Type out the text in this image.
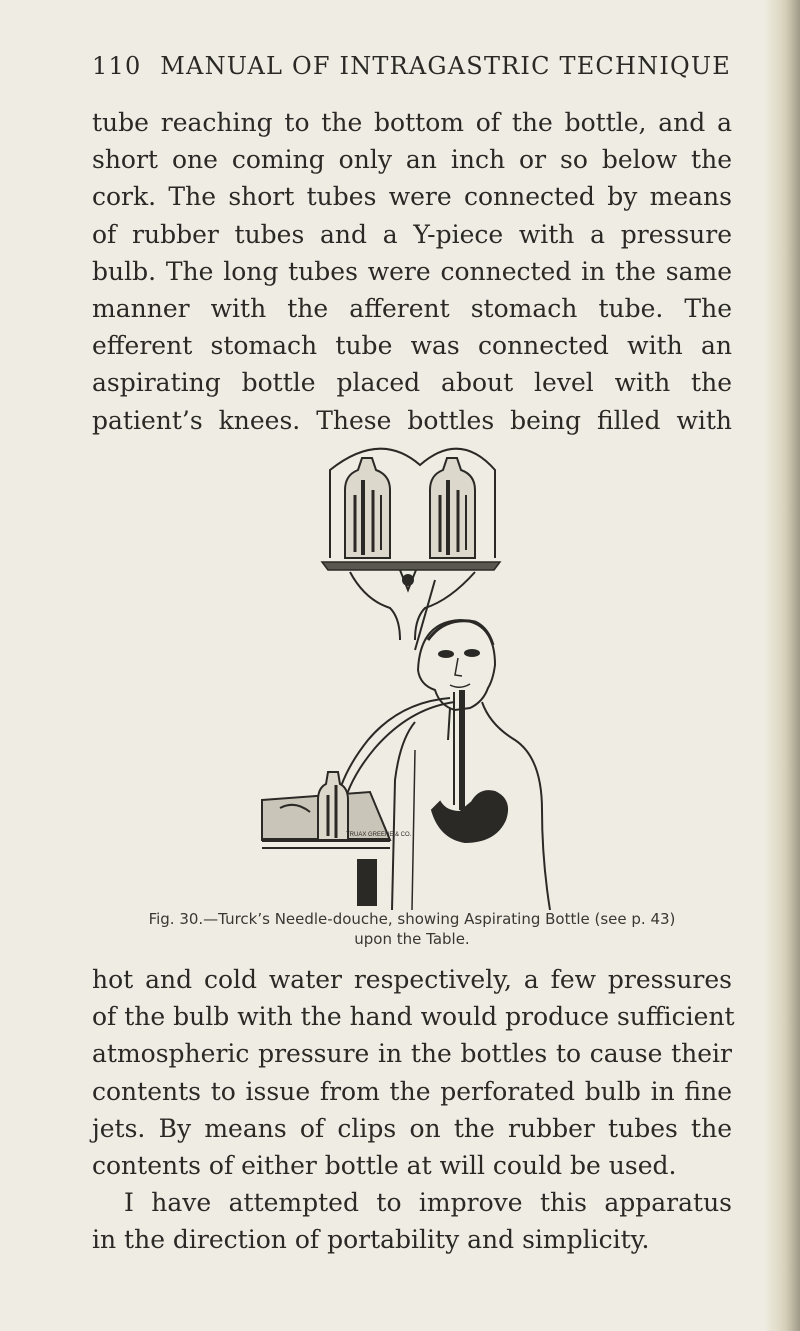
110 MANUAL OF INTRAGASTRIC TECHNIQUE
tube reaching to the bottom of the bottle, and a
short one coming only an inch or so below the
cork. The short tubes were connected by means
of rubber tubes and a Y-piece with a pressure
bulb. The long tubes were connected in the same
manner with the afferent stomach tube. The
efferent stomach tube was connected with an
aspirating bottle placed about level with the
patient’s knees. These bottles being filled with
TRUAX GREENE & CO.
Fig. 30.—Turck’s Needle-douche, showing Aspirating Bottle (see p. 43)
upon the Table.
hot and cold water respectively, a few pressures
of the bulb with the hand would produce sufficient
atmospheric pressure in the bottles to cause their
contents to issue from the perforated bulb in fine
jets. By means of clips on the rubber tubes the
contents of either bottle at will could be used.
I have attempted to improve this apparatus
in the direction of portability and simplicity.
